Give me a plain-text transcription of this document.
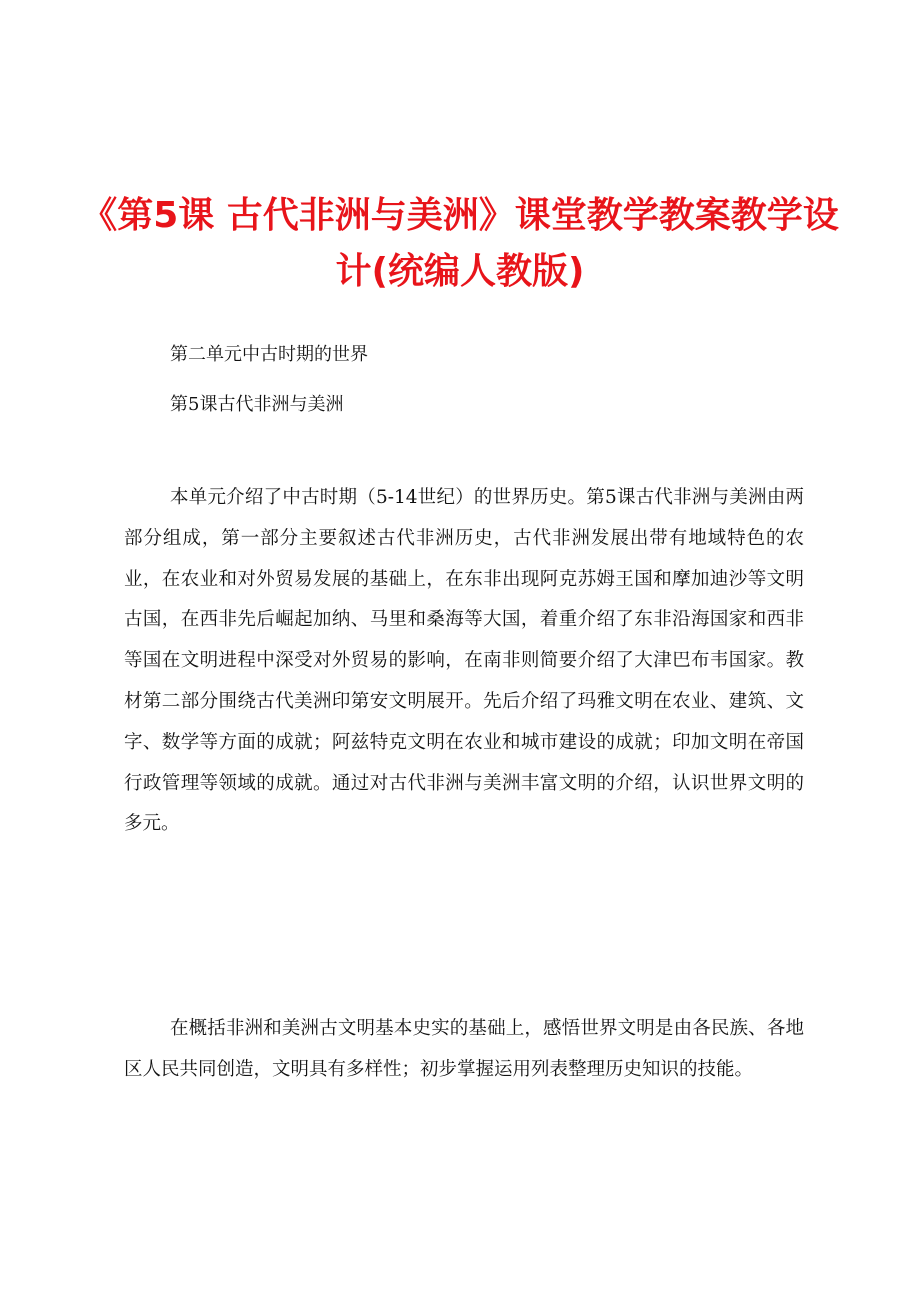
《第5课 古代非洲与美洲》课堂教学教案教学设计(统编人教版)

第二单元中古时期的世界

第5课古代非洲与美洲

本单元介绍了中古时期（5-14世纪）的世界历史。第5课古代非洲与美洲由两部分组成，第一部分主要叙述古代非洲历史，古代非洲发展出带有地域特色的农业，在农业和对外贸易发展的基础上，在东非出现阿克苏姆王国和摩加迪沙等文明古国，在西非先后崛起加纳、马里和桑海等大国，着重介绍了东非沿海国家和西非等国在文明进程中深受对外贸易的影响，在南非则简要介绍了大津巴布韦国家。教材第二部分围绕古代美洲印第安文明展开。先后介绍了玛雅文明在农业、建筑、文字、数学等方面的成就；阿兹特克文明在农业和城市建设的成就；印加文明在帝国行政管理等领域的成就。通过对古代非洲与美洲丰富文明的介绍，认识世界文明的多元。

在概括非洲和美洲古文明基本史实的基础上，感悟世界文明是由各民族、各地区人民共同创造，文明具有多样性；初步掌握运用列表整理历史知识的技能。
